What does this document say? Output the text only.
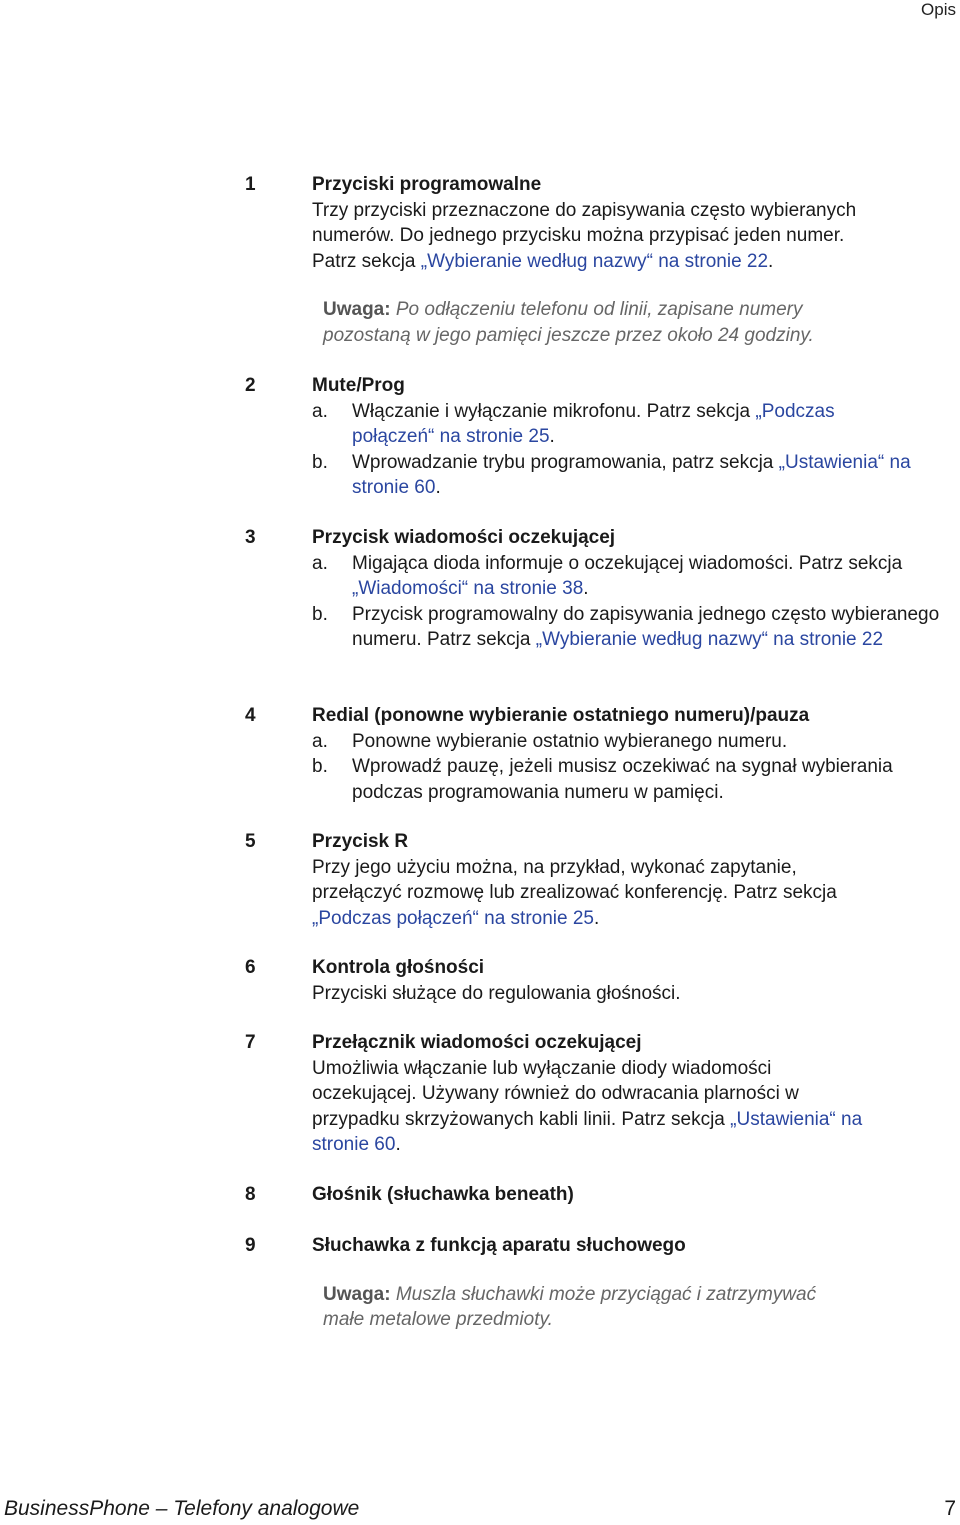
Opis
1	Przyciski programowalne
Trzy przyciski przeznaczone do zapisywania często wybieranych
numerów. Do jednego przycisku można przypisać jeden numer.
Patrz sekcja „Wybieranie według nazwy“ na stronie 22.
Uwaga: Po odłączeniu telefonu od linii, zapisane numery
pozostaną w jego pamięci jeszcze przez około 24 godziny.
2	Mute/Prog
a. Włączanie i wyłączanie mikrofonu. Patrz sekcja „Podczas połączeń“ na stronie 25.
b. Wprowadzanie trybu programowania, patrz sekcja „Ustawienia“ na stronie 60.
3	Przycisk wiadomości oczekującej
a. Migająca dioda informuje o oczekującej wiadomości. Patrz sekcja „Wiadomości“ na stronie 38.
b. Przycisk programowalny do zapisywania jednego często wybieranego numeru. Patrz sekcja „Wybieranie według nazwy“ na stronie 22
4	Redial (ponowne wybieranie ostatniego numeru)/pauza
a. Ponowne wybieranie ostatnio wybieranego numeru.
b. Wprowadź pauzę, jeżeli musisz oczekiwać na sygnał wybierania podczas programowania numeru w pamięci.
5	Przycisk R
Przy jego użyciu można, na przykład, wykonać zapytanie,
przełączyć rozmowę lub zrealizować konferencję. Patrz sekcja
„Podczas połączeń“ na stronie 25.
6	Kontrola głośności
Przyciski służące do regulowania głośności.
7	Przełącznik wiadomości oczekującej
Umożliwia włączanie lub wyłączanie diody wiadomości
oczekującej. Używany również do odwracania plarności w
przypadku skrzyżowanych kabli linii. Patrz sekcja „Ustawienia“ na
stronie 60.
8	Głośnik (słuchawka beneath)
9	Słuchawka z funkcją aparatu słuchowego
Uwaga: Muszla słuchawki może przyciągać i zatrzymywać
małe metalowe przedmioty.
BusinessPhone – Telefony analogowe	7
